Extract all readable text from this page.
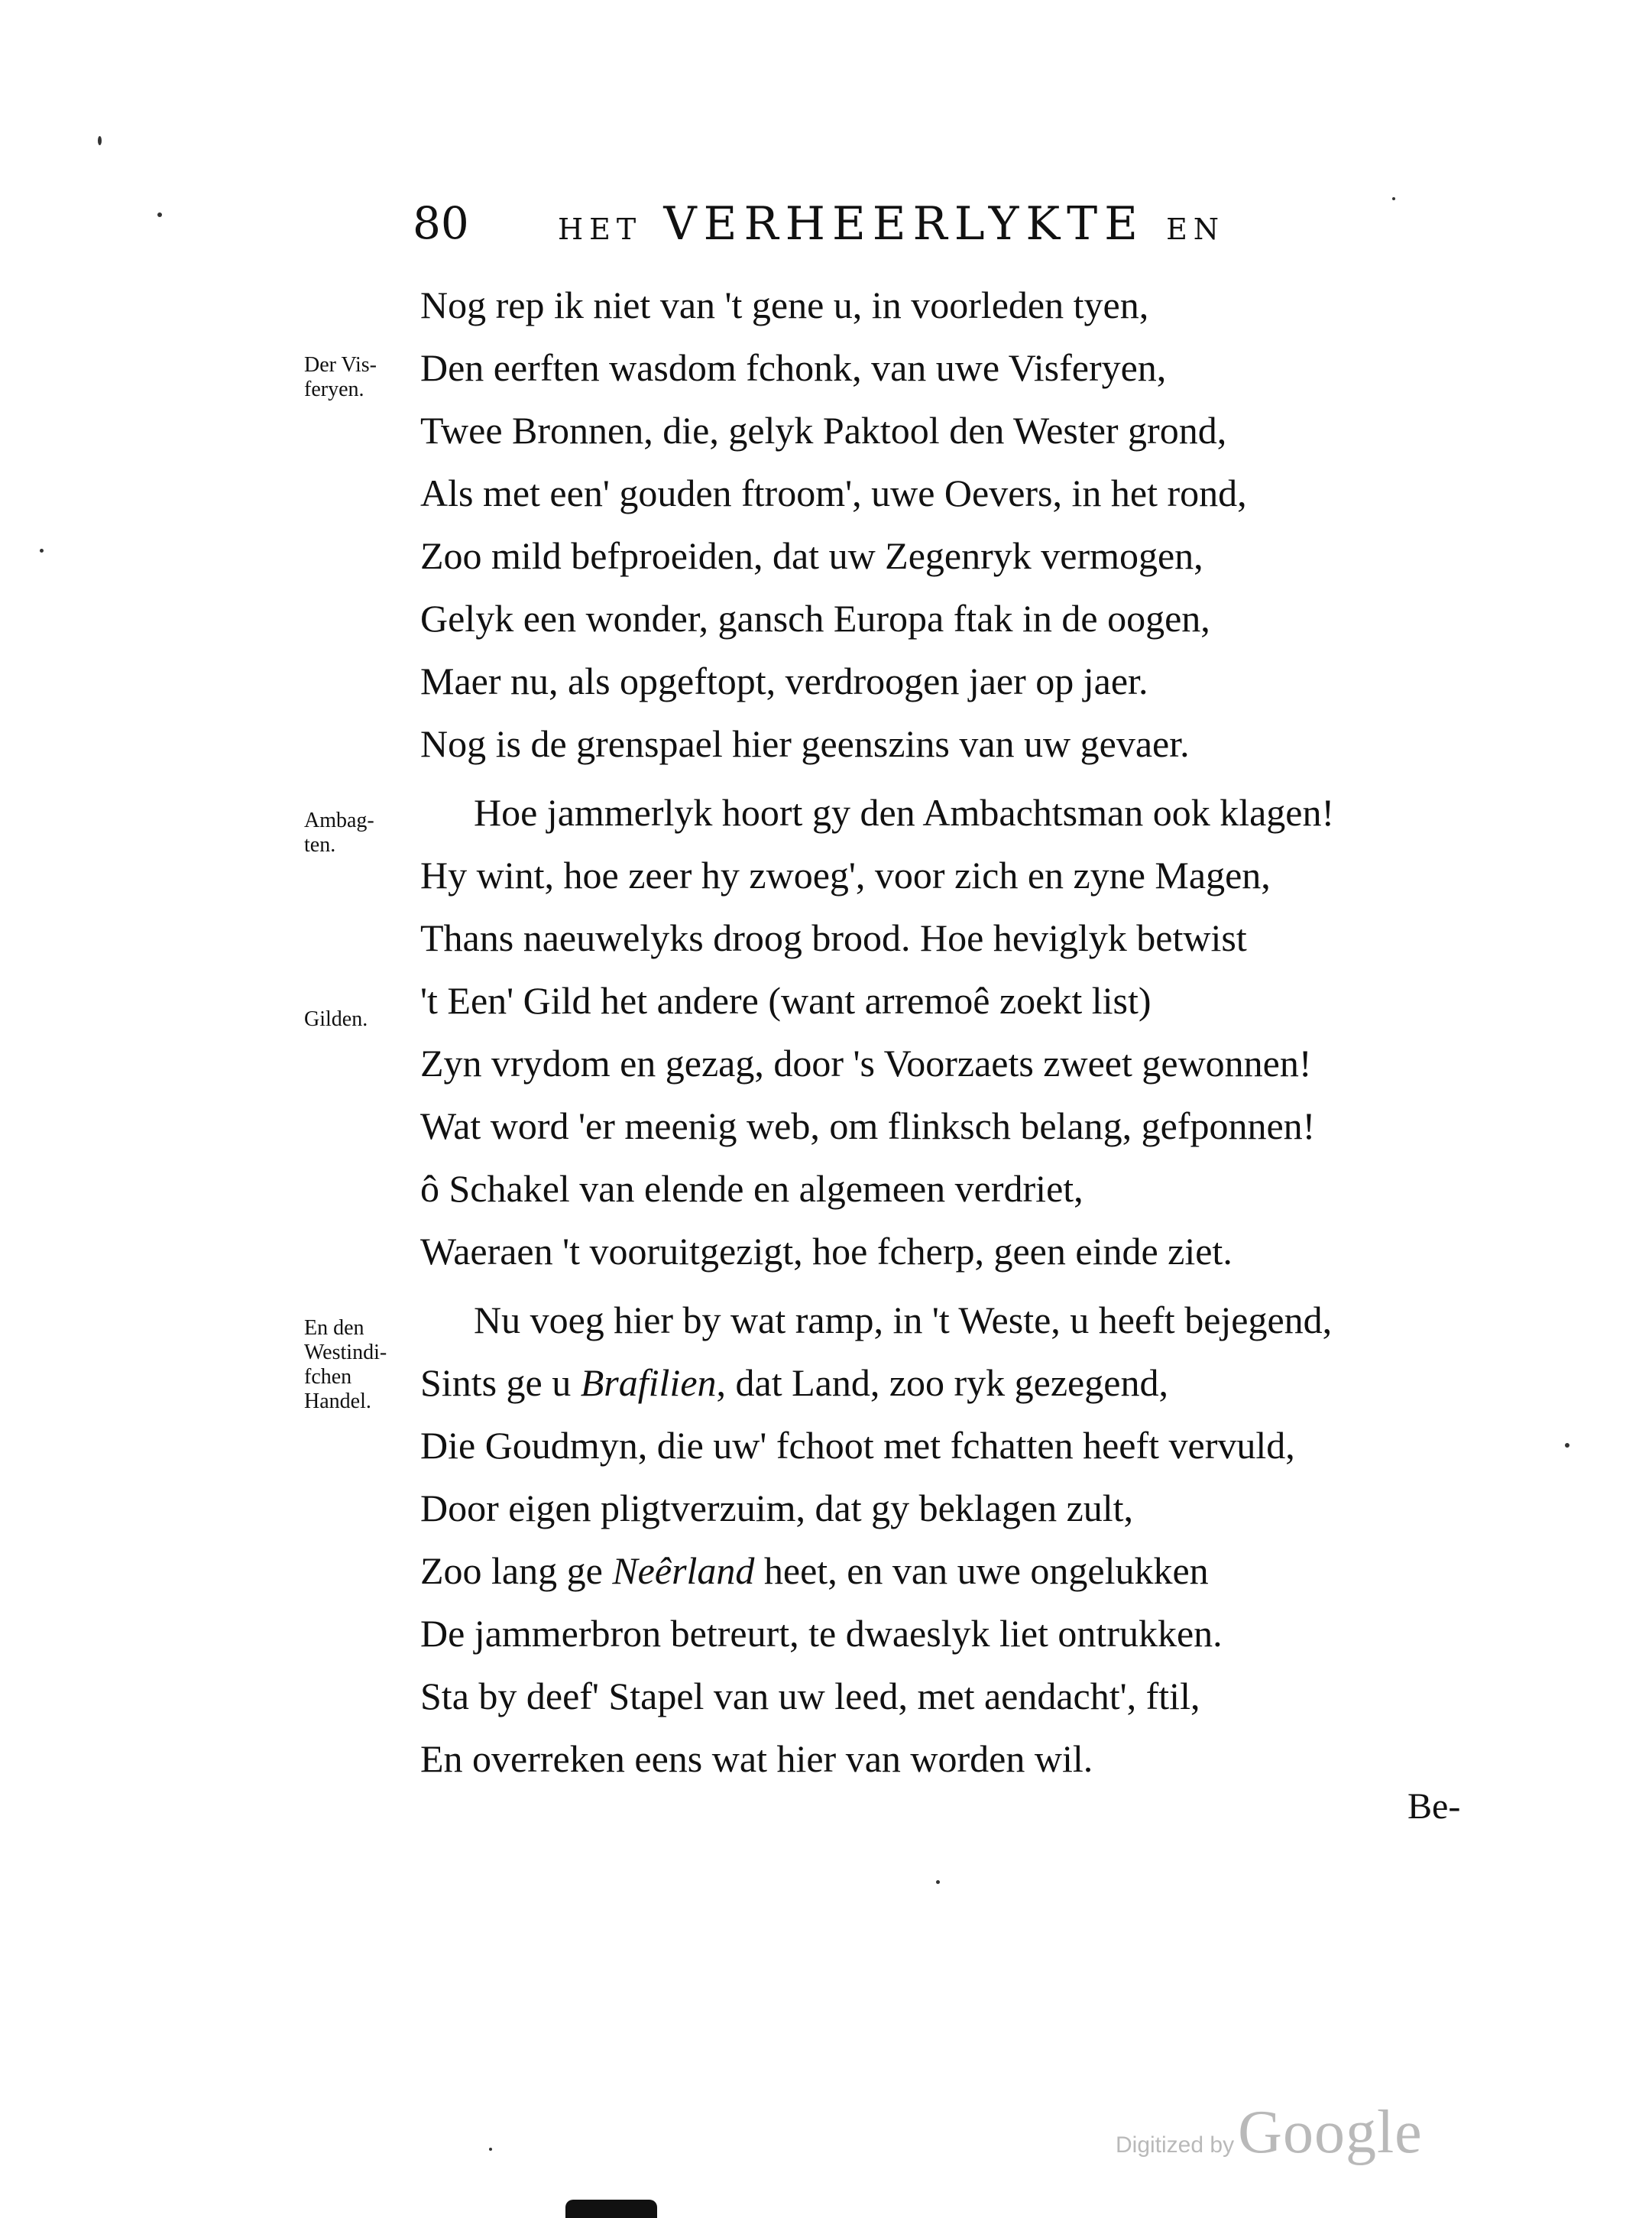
80	HET VERHEERLYKTE EN
Der Vis-
feryen.
Ambag-
ten.
Gilden.
En den
Westindi-
fchen
Handel.
Nog rep ik niet van 't gene u, in voorleden tyen,
Den eerften wasdom fchonk, van uwe Visferyen,
Twee Bronnen, die, gelyk Paktool den Wester grond,
Als met een' gouden ftroom', uwe Oevers, in het rond,
Zoo mild befproeiden, dat uw Zegenryk vermogen,
Gelyk een wonder, gansch Europa ftak in de oogen,
Maer nu, als opgeftopt, verdroogen jaer op jaer.
Nog is de grenspael hier geenszins van uw gevaer.
Hoe jammerlyk hoort gy den Ambachtsman ook klagen!
Hy wint, hoe zeer hy zwoeg', voor zich en zyne Magen,
Thans naeuwelyks droog brood. Hoe heviglyk betwist
't Een' Gild het andere (want arremoê zoekt list)
Zyn vrydom en gezag, door 's Voorzaets zweet gewonnen!
Wat word 'er meenig web, om flinksch belang, gefponnen!
ô Schakel van elende en algemeen verdriet,
Waeraen 't vooruitgezigt, hoe fcherp, geen einde ziet.
Nu voeg hier by wat ramp, in 't Weste, u heeft bejegend,
Sints ge u Brafilien, dat Land, zoo ryk gezegend,
Die Goudmyn, die uw' fchoot met fchatten heeft vervuld,
Door eigen pligtverzuim, dat gy beklagen zult,
Zoo lang ge Neêrland heet, en van uwe ongelukken
De jammerbron betreurt, te dwaeslyk liet ontrukken.
Sta by deef' Stapel van uw leed, met aendacht', ftil,
En overreken eens wat hier van worden wil.
Be-
Digitized by Google
